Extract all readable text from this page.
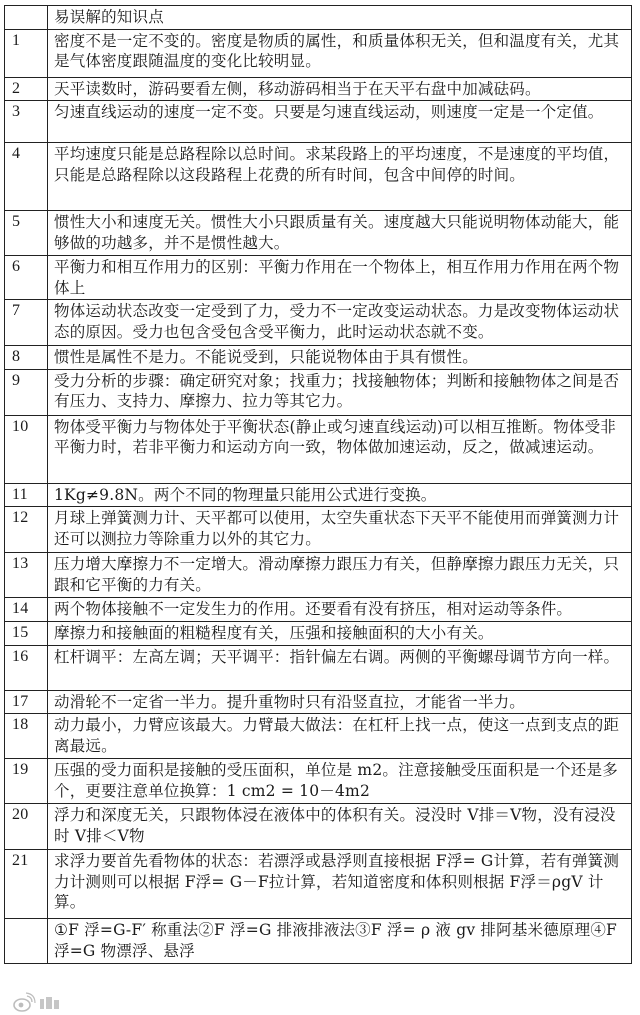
	易误解的知识点
1	密度不是一定不变的。密度是物质的属性，和质量体积无关，但和温度有关，尤其是气体密度跟随温度的变化比较明显。
2	天平读数时，游码要看左侧，移动游码相当于在天平右盘中加减砝码。
3	匀速直线运动的速度一定不变。只要是匀速直线运动，则速度一定是一个定值。
4	平均速度只能是总路程除以总时间。求某段路上的平均速度，不是速度的平均值，只能是总路程除以这段路程上花费的所有时间，包含中间停的时间。
5	惯性大小和速度无关。惯性大小只跟质量有关。速度越大只能说明物体动能大，能够做的功越多，并不是惯性越大。
6	平衡力和相互作用力的区别：平衡力作用在一个物体上，相互作用力作用在两个物体上
7	物体运动状态改变一定受到了力，受力不一定改变运动状态。力是改变物体运动状态的原因。受力也包含受包含受平衡力，此时运动状态就不变。
8	惯性是属性不是力。不能说受到，只能说物体由于具有惯性。
9	受力分析的步骤：确定研究对象；找重力；找接触物体；判断和接触物体之间是否有压力、支持力、摩擦力、拉力等其它力。
10	物体受平衡力与物体处于平衡状态(静止或匀速直线运动)可以相互推断。物体受非平衡力时，若非平衡力和运动方向一致，物体做加速运动，反之，做减速运动。
11	1Kg≠9.8N。两个不同的物理量只能用公式进行变换。
12	月球上弹簧测力计、天平都可以使用，太空失重状态下天平不能使用而弹簧测力计还可以测拉力等除重力以外的其它力。
13	压力增大摩擦力不一定增大。滑动摩擦力跟压力有关，但静摩擦力跟压力无关，只跟和它平衡的力有关。
14	两个物体接触不一定发生力的作用。还要看有没有挤压，相对运动等条件。
15	摩擦力和接触面的粗糙程度有关，压强和接触面积的大小有关。
16	杠杆调平：左高左调；天平调平：指针偏左右调。两侧的平衡螺母调节方向一样。
17	动滑轮不一定省一半力。提升重物时只有沿竖直拉，才能省一半力。
18	动力最小，力臂应该最大。力臂最大做法：在杠杆上找一点，使这一点到支点的距离最远。
19	压强的受力面积是接触的受压面积，单位是 m2。注意接触受压面积是一个还是多个，更要注意单位换算：1 cm2 = 10－4m2
20	浮力和深度无关，只跟物体浸在液体中的体积有关。浸没时 V排＝V物，没有浸没时 V排＜V物
21	求浮力要首先看物体的状态：若漂浮或悬浮则直接根据 F浮= G计算，若有弹簧测力计测则可以根据 F浮= G－F拉计算，若知道密度和体积则根据 F浮＝ρgV 计算。
	①F 浮=G-F′ 称重法②F 浮=G 排液排液法③F 浮= ρ 液 gv 排阿基米德原理④F 浮=G 物漂浮、悬浮
